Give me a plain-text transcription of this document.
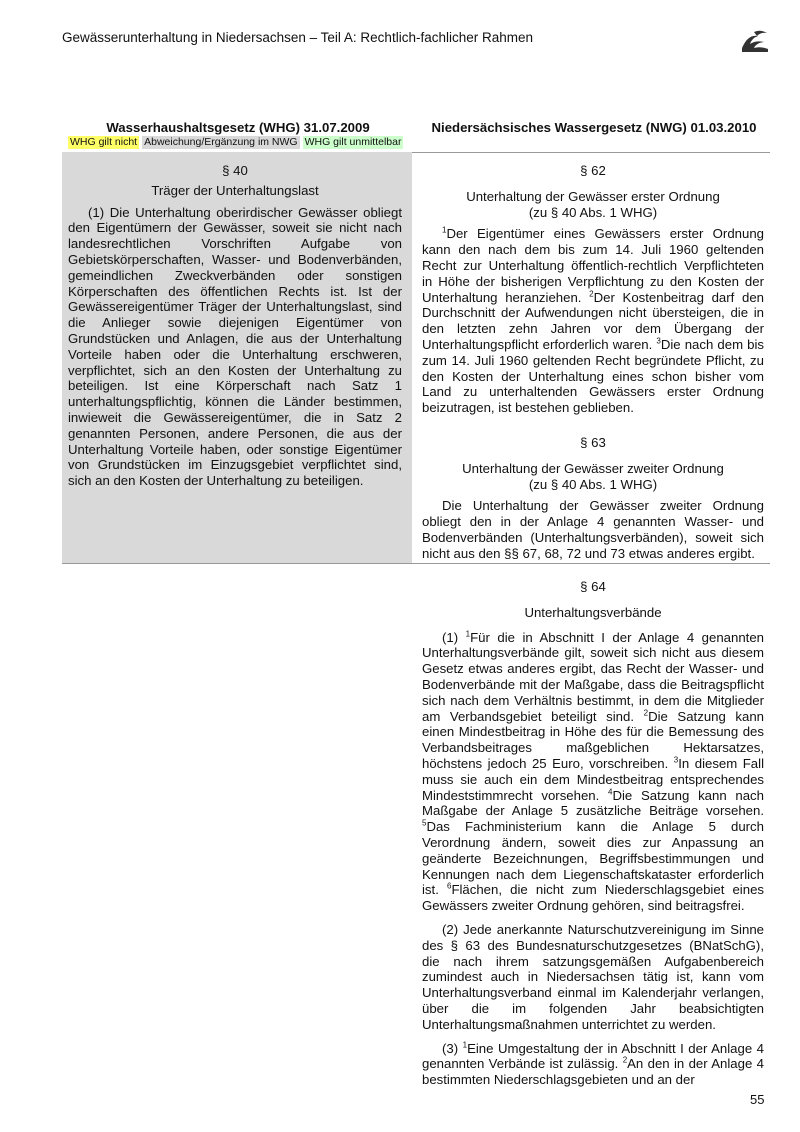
Gewässerunterhaltung in Niedersachsen – Teil A: Rechtlich-fachlicher Rahmen
Wasserhaushaltsgesetz (WHG) 31.07.2009	Niedersächsisches Wassergesetz (NWG) 01.03.2010
WHG gilt nicht Abweichung/Ergänzung im NWG WHG gilt unmittelbar

§ 40

Träger der Unterhaltungslast

(1) Die Unterhaltung oberirdischer Gewässer obliegt den Eigentümern der Gewässer, soweit sie nicht nach landesrechtlichen Vorschriften Aufgabe von Gebietskörperschaften, Wasser- und Bodenverbänden, gemeindlichen Zweckverbänden oder sonstigen Körperschaften des öffentlichen Rechts ist. Ist der Gewässereigentümer Träger der Unterhaltungslast, sind die Anlieger sowie diejenigen Eigentümer von Grundstücken und Anlagen, die aus der Unterhaltung Vorteile haben oder die Unterhaltung erschweren, verpflichtet, sich an den Kosten der Unterhaltung zu beteiligen. Ist eine Körperschaft nach Satz 1 unterhaltungspflichtig, können die Länder bestimmen, inwieweit die Gewässereigentümer, die in Satz 2 genannten Personen, andere Personen, die aus der Unterhaltung Vorteile haben, oder sonstige Eigentümer von Grundstücken im Einzugsgebiet verpflichtet sind, sich an den Kosten der Unterhaltung zu beteiligen.

§ 62

Unterhaltung der Gewässer erster Ordnung

(zu § 40 Abs. 1 WHG)

$^1$Der Eigentümer eines Gewässers erster Ordnung kann den nach dem bis zum 14. Juli 1960 geltenden Recht zur Unterhaltung öffentlich-rechtlich Verpflichteten in Höhe der bisherigen Verpflichtung zu den Kosten der Unterhaltung heranziehen. $^2$Der Kostenbeitrag darf den Durchschnitt der Aufwendungen nicht übersteigen, die in den letzten zehn Jahren vor dem Übergang der Unterhaltungspflicht erforderlich waren. $^3$Die nach dem bis zum 14. Juli 1960 geltenden Recht begründete Pflicht, zu den Kosten der Unterhaltung eines schon bisher vom Land zu unterhaltenden Gewässers erster Ordnung beizutragen, ist bestehen geblieben.

§ 63

Unterhaltung der Gewässer zweiter Ordnung

(zu § 40 Abs. 1 WHG)

Die Unterhaltung der Gewässer zweiter Ordnung obliegt den in der Anlage 4 genannten Wasser- und Bodenverbänden (Unterhaltungsverbänden), soweit sich nicht aus den §§ 67, 68, 72 und 73 etwas anderes ergibt.

§ 64

Unterhaltungsverbände

(1) $^1$Für die in Abschnitt I der Anlage 4 genannten Unterhaltungsverbände gilt, soweit sich nicht aus diesem Gesetz etwas anderes ergibt, das Recht der Wasser- und Bodenverbände mit der Maßgabe, dass die Beitragspflicht sich nach dem Verhältnis bestimmt, in dem die Mitglieder am Verbandsgebiet beteiligt sind. $^2$Die Satzung kann einen Mindestbeitrag in Höhe des für die Bemessung des Verbandsbeitrages maßgeblichen Hektarsatzes, höchstens jedoch 25 Euro, vorschreiben. $^3$In diesem Fall muss sie auch ein dem Mindestbeitrag entsprechendes Mindeststimmrecht vorsehen. $^4$Die Satzung kann nach Maßgabe der Anlage 5 zusätzliche Beiträge vorsehen. $^5$Das Fachministerium kann die Anlage 5 durch Verordnung ändern, soweit dies zur Anpassung an geänderte Bezeichnungen, Begriffsbestimmungen und Kennungen nach dem Liegenschaftskataster erforderlich ist. $^6$Flächen, die nicht zum Niederschlagsgebiet eines Gewässers zweiter Ordnung gehören, sind beitragsfrei.

(2) Jede anerkannte Naturschutzvereinigung im Sinne des § 63 des Bundesnaturschutzgesetzes (BNatSchG), die nach ihrem satzungsgemäßen Aufgabenbereich zumindest auch in Niedersachsen tätig ist, kann vom Unterhaltungsverband einmal im Kalenderjahr verlangen, über die im folgenden Jahr beabsichtigten Unterhaltungsmaßnahmen unterrichtet zu werden.

(3) $^1$Eine Umgestaltung der in Abschnitt I der Anlage 4 genannten Verbände ist zulässig. $^2$An den in der Anlage 4 bestimmten Niederschlagsgebieten und an der

55
